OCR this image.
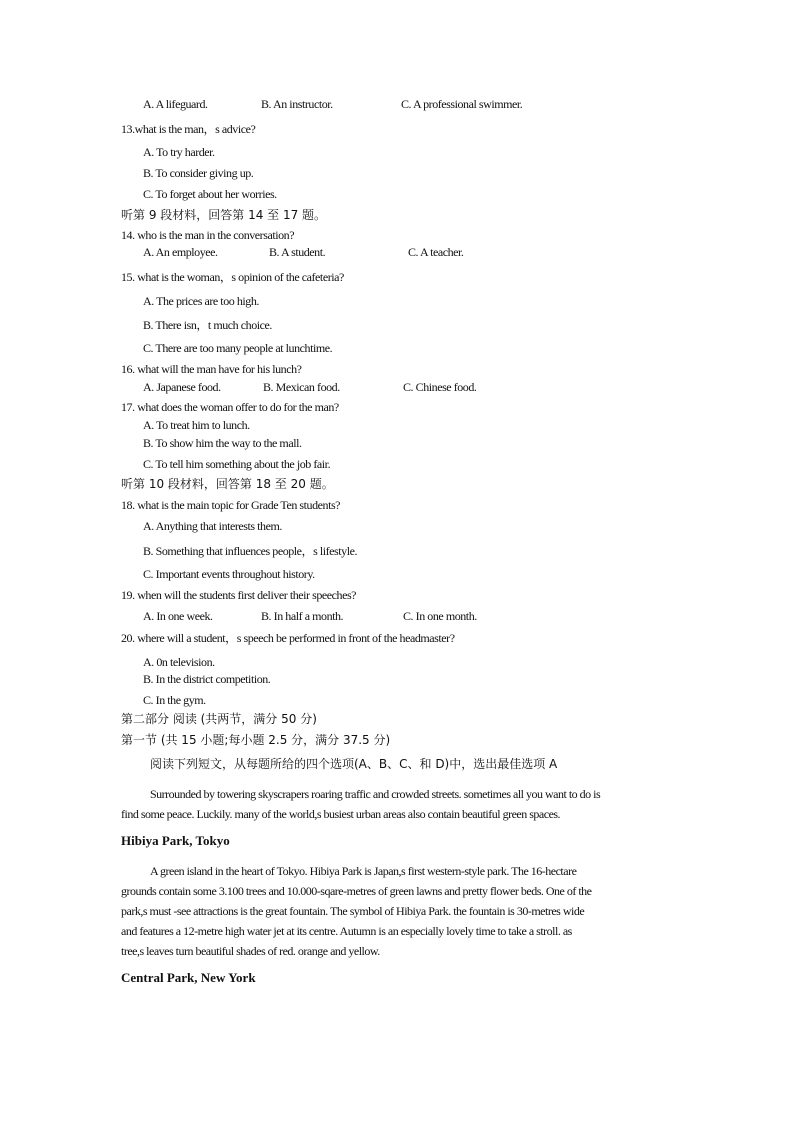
A. A lifeguard.	B. An instructor.	C. A professional swimmer.
13.what is the man，s advice?
A. To try harder.
B. To consider giving up.
C. To forget about her worries.
听第 9 段材料，回答第 14 至 17 题。
14. who is the man in the conversation?
A. An employee.	B. A student.	C. A teacher.
15. what is the woman，s opinion of the cafeteria?
A. The prices are too high.
B. There isn，t much choice.
C. There are too many people at lunchtime.
16. what will the man have for his lunch?
A. Japanese food.	B. Mexican food.	C. Chinese food.
17. what does the woman offer to do for the man?
A. To treat him to lunch.
B. To show him the way to the mall.
C. To tell him something about the job fair.
听第 10 段材料，回答第 18 至 20 题。
18. what is the main topic for Grade Ten students?
A. Anything that interests them.
B. Something that influences people，s lifestyle.
C. Important events throughout history.
19. when will the students first deliver their speeches?
A. In one week.	B. In half a month.	C. In one month.
20. where will a student，s speech be performed in front of the headmaster?
A. 0n television.
B. In the district competition.
C. In the gym.
第二部分 阅读 (共两节，满分 50 分)
第一节 (共 15 小题;每小题 2.5 分，满分 37.5 分)
阅读下列短文，从每题所给的四个选项(A、B、C、和 D)中，选出最佳选项 A
Surrounded by towering skyscrapers roaring traffic and crowded streets. sometimes all you want to do is
find some peace. Luckily. many of the world,s busiest urban areas also contain beautiful green spaces.
Hibiya Park, Tokyo
A green island in the heart of Tokyo. Hibiya Park is Japan,s first western-style park. The 16-hectare
grounds contain some 3.100 trees and 10.000-sqare-metres of green lawns and pretty flower beds. One of the
park,s must -see attractions is the great fountain. The symbol of Hibiya Park. the fountain is 30-metres wide
and features a 12-metre high water jet at its centre. Autumn is an especially lovely time to take a stroll. as
tree,s leaves turn beautiful shades of red. orange and yellow.
Central Park, New York
